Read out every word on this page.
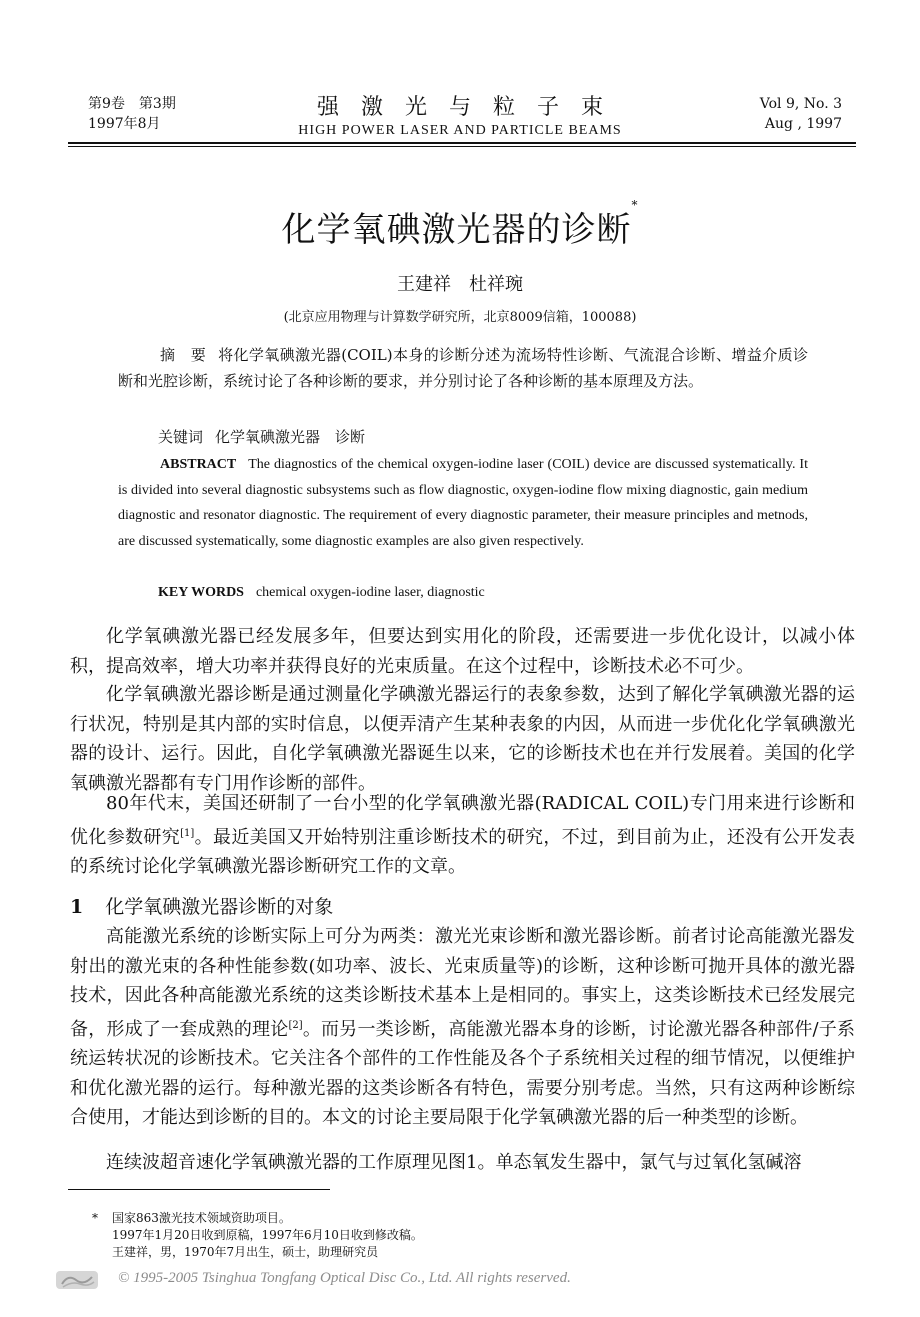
第9卷　第3期
1997年8月
强激光与粒子束
HIGH POWER LASER AND PARTICLE BEAMS
Vol 9, No. 3
Aug , 1997
化学氧碘激光器的诊断*
王建祥　杜祥琬
(北京应用物理与计算数学研究所，北京8009信箱，100088)
摘　要 将化学氧碘激光器(COIL)本身的诊断分述为流场特性诊断、气流混合诊断、增益介质诊断和光腔诊断，系统讨论了各种诊断的要求，并分别讨论了各种诊断的基本原理及方法。
关键词 化学氧碘激光器　诊断
ABSTRACT The diagnostics of the chemical oxygen-iodine laser (COIL) device are discussed systematically. It is divided into several diagnostic subsystems such as flow diagnostic, oxygen-iodine flow mixing diagnostic, gain medium diagnostic and resonator diagnostic. The requirement of every diagnostic parameter, their measure principles and metnods, are discussed systematically, some diagnostic examples are also given respectively.
KEY WORDS chemical oxygen-iodine laser, diagnostic
化学氧碘激光器已经发展多年，但要达到实用化的阶段，还需要进一步优化设计，以减小体积，提高效率，增大功率并获得良好的光束质量。在这个过程中，诊断技术必不可少。
化学氧碘激光器诊断是通过测量化学碘激光器运行的表象参数，达到了解化学氧碘激光器的运行状况，特别是其内部的实时信息，以便弄清产生某种表象的内因，从而进一步优化化学氧碘激光器的设计、运行。因此，自化学氧碘激光器诞生以来，它的诊断技术也在并行发展着。美国的化学氧碘激光器都有专门用作诊断的部件。
80年代末，美国还研制了一台小型的化学氧碘激光器(RADICAL COIL)专门用来进行诊断和优化参数研究[1]。最近美国又开始特别注重诊断技术的研究，不过，到目前为止，还没有公开发表的系统讨论化学氧碘激光器诊断研究工作的文章。
1 化学氧碘激光器诊断的对象
高能激光系统的诊断实际上可分为两类：激光光束诊断和激光器诊断。前者讨论高能激光器发射出的激光束的各种性能参数(如功率、波长、光束质量等)的诊断，这种诊断可抛开具体的激光器技术，因此各种高能激光系统的这类诊断技术基本上是相同的。事实上，这类诊断技术已经发展完备，形成了一套成熟的理论[2]。而另一类诊断，高能激光器本身的诊断，讨论激光器各种部件/子系统运转状况的诊断技术。它关注各个部件的工作性能及各个子系统相关过程的细节情况，以便维护和优化激光器的运行。每种激光器的这类诊断各有特色，需要分别考虑。当然，只有这两种诊断综合使用，才能达到诊断的目的。本文的讨论主要局限于化学氧碘激光器的后一种类型的诊断。
连续波超音速化学氧碘激光器的工作原理见图1。单态氧发生器中，氯气与过氧化氢碱溶
* 国家863激光技术领域资助项目。
1997年1月20日收到原稿，1997年6月10日收到修改稿。
王建祥，男，1970年7月出生，硕士，助理研究员
© 1995-2005 Tsinghua Tongfang Optical Disc Co., Ltd. All rights reserved.
